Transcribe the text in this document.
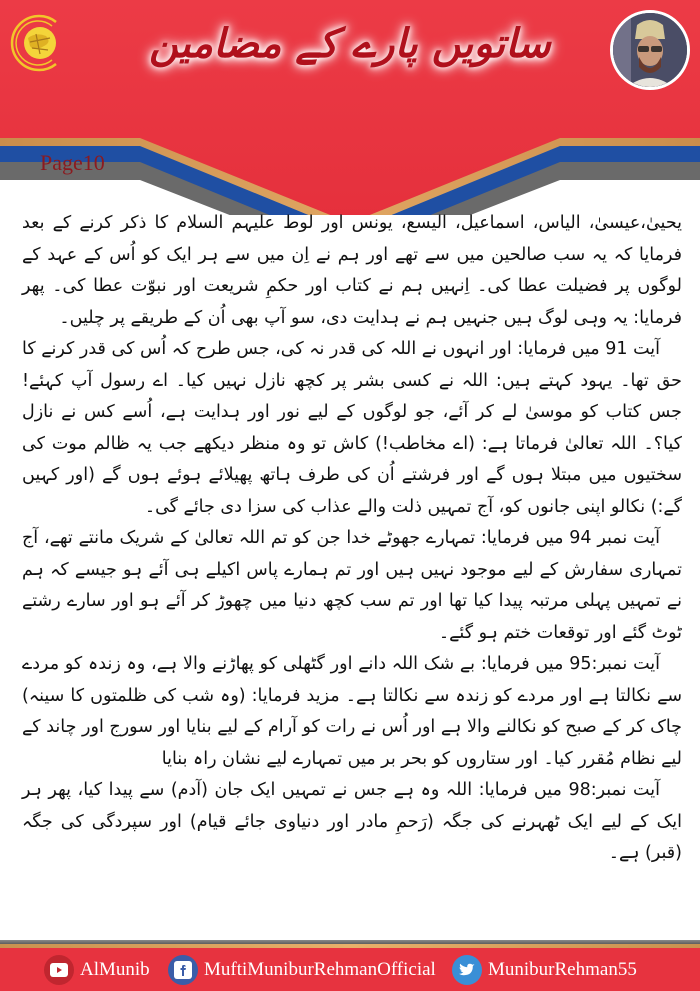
ساتویں پارے کے مضامین
Page10

یحییٰ،عیسیٰ، الیاس، اسماعیل، الیسع، یونس اور لوط علیہم السلام کا ذکر کرنے کے بعد فرمایا کہ یہ سب صالحین میں سے تھے اور ہم نے اِن میں سے ہر ایک کو اُس کے عہد کے لوگوں پر فضیلت عطا کی۔ اِنہیں ہم نے کتاب اور حکمِ شریعت اور نبوّت عطا کی۔ پھر فرمایا: یہ وہی لوگ ہیں جنہیں ہم نے ہدایت دی، سو آپ بھی اُن کے طریقے پر چلیں۔

آیت 91 میں فرمایا: اور انہوں نے اللہ کی قدر نہ کی، جس طرح کہ اُس کی قدر کرنے کا حق تھا۔ یہود کہتے ہیں: اللہ نے کسی بشر پر کچھ نازل نہیں کیا۔ اے رسول آپ کہئے! جس کتاب کو موسیٰ لے کر آئے، جو لوگوں کے لیے نور اور ہدایت ہے، اُسے کس نے نازل کیا؟۔ اللہ تعالیٰ فرماتا ہے: (اے مخاطب!) کاش تو وہ منظر دیکھے جب یہ ظالم موت کی سختیوں میں مبتلا ہوں گے اور فرشتے اُن کی طرف ہاتھ پھیلائے ہوئے ہوں گے (اور کہیں گے:) نکالو اپنی جانوں کو، آج تمہیں ذلت والے عذاب کی سزا دی جائے گی۔

آیت نمبر 94 میں فرمایا: تمہارے جھوٹے خدا جن کو تم اللہ تعالیٰ کے شریک مانتے تھے، آج تمہاری سفارش کے لیے موجود نہیں ہیں اور تم ہمارے پاس اکیلے ہی آئے ہو جیسے کہ ہم نے تمہیں پہلی مرتبہ پیدا کیا تھا اور تم سب کچھ دنیا میں چھوڑ کر آئے ہو اور سارے رشتے ٹوٹ گئے اور توقعات ختم ہو گئے۔

آیت نمبر:95 میں فرمایا: بے شک اللہ دانے اور گٹھلی کو پھاڑنے والا ہے، وہ زندہ کو مردے سے نکالتا ہے اور مردے کو زندہ سے نکالتا ہے۔ مزید فرمایا: (وہ شب کی ظلمتوں کا سینہ) چاک کر کے صبح کو نکالنے والا ہے اور اُس نے رات کو آرام کے لیے بنایا اور سورج اور چاند کے لیے نظام مُقرر کیا۔ اور ستاروں کو بحر بر میں تمہارے لیے نشان راہ بنایا

آیت نمبر:98 میں فرمایا: اللہ وہ ہے جس نے تمہیں ایک جان (آدم) سے پیدا کیا، پھر ہر ایک کے لیے ایک ٹھہرنے کی جگہ (رَحمِ مادر اور دنیاوی جائے قیام) اور سپردگی کی جگہ (قبر) ہے۔

AlMunib	MuftiMuniburRehmanOfficial	MuniburRehman55
